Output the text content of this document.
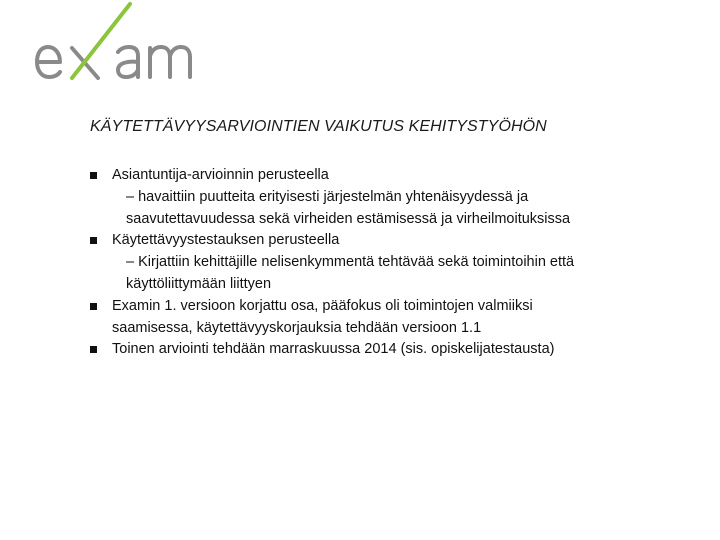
KÄYTETTÄVYYSARVIOINTIEN VAIKUTUS KEHITYSTYÖHÖN
Asiantuntija-arvioinnin perusteella
– havaittiin puutteita erityisesti järjestelmän yhtenäisyydessä ja
saavutettavuudessa sekä virheiden estämisessä ja virheilmoituksissa
Käytettävyystestauksen perusteella
– Kirjattiin kehittäjille nelisenkymmentä tehtävää sekä toimintoihin että
käyttöliittymään liittyen
Examin 1. versioon korjattu osa, pääfokus oli toimintojen valmiiksi
saamisessa, käytettävyyskorjauksia tehdään versioon 1.1
Toinen arviointi tehdään marraskuussa 2014 (sis. opiskelijatestausta)
